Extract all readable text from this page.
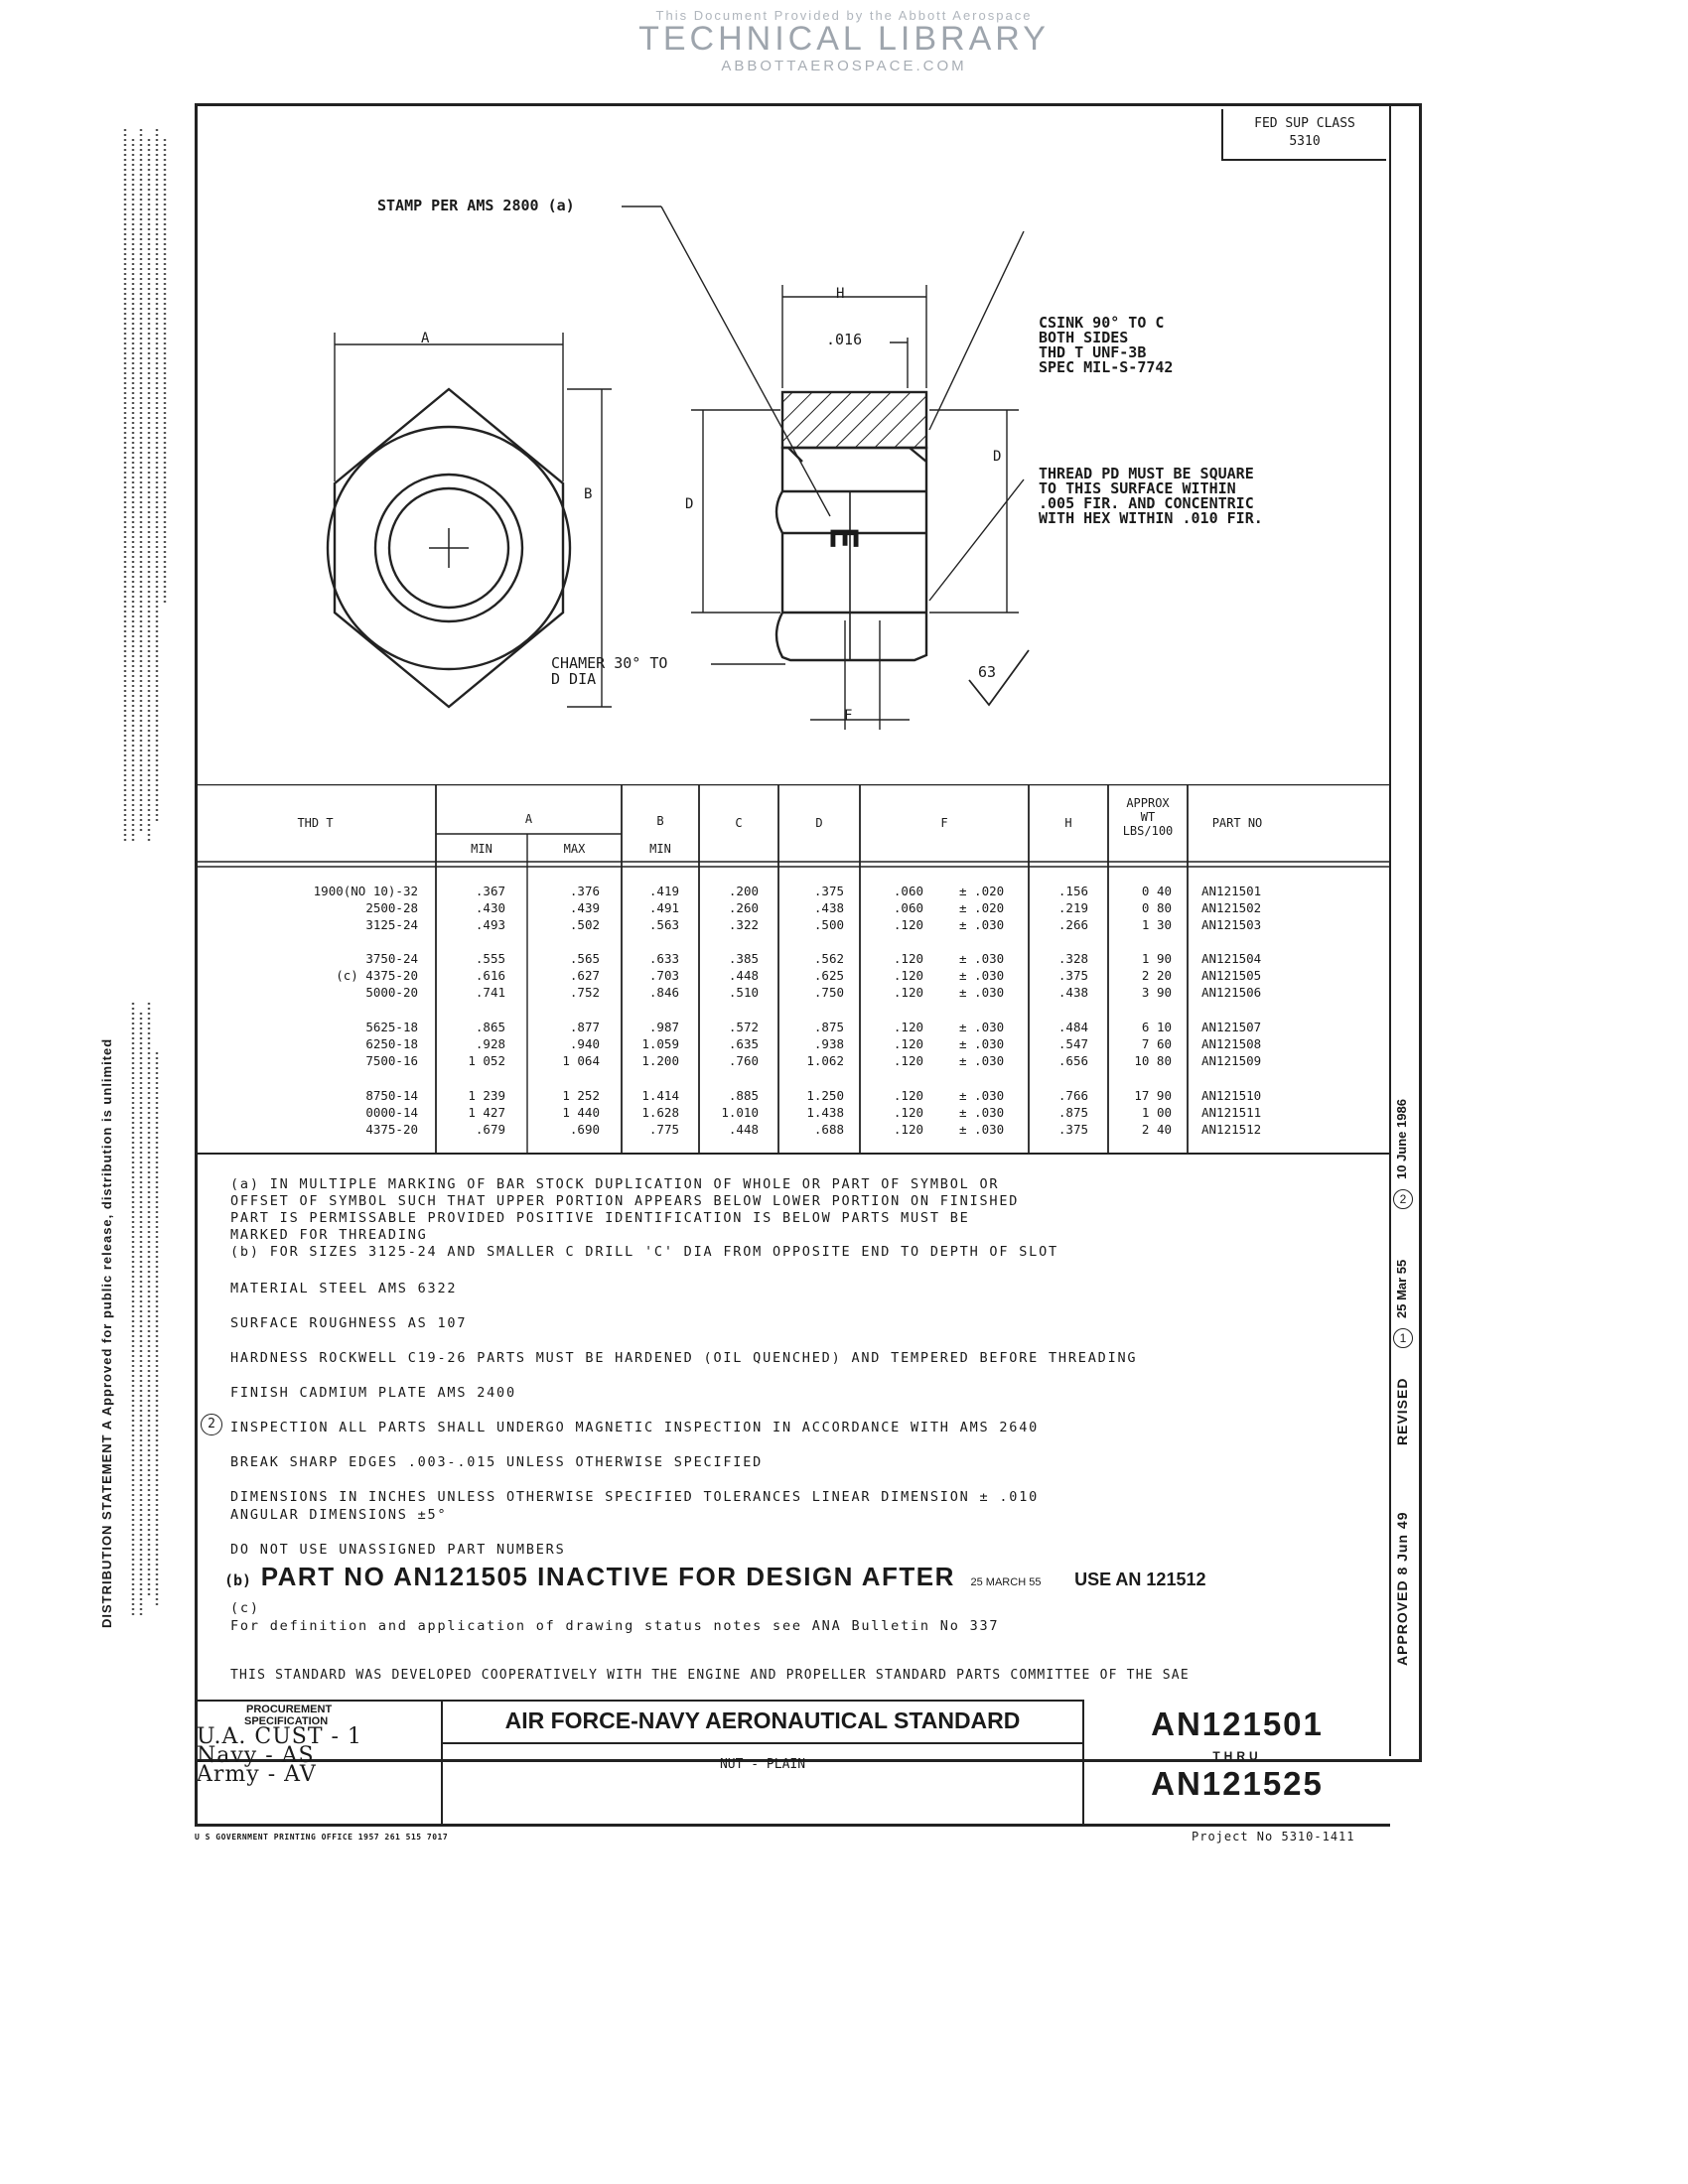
This Document Provided by the Abbott Aerospace
TECHNICAL LIBRARY
ABBOTTAEROSPACE.COM
DISTRIBUTION STATEMENT A Approved for public release, distribution is unlimited
FED SUP CLASS
5310
STAMP PER AMS 2800 (a)
A
B
H
.016
D
D
F
E
63
CSINK 90° TO C
BOTH SIDES
THD T UNF-3B
SPEC MIL-S-7742
THREAD PD MUST BE SQUARE
TO THIS SURFACE WITHIN
.005 FIR. AND CONCENTRIC
WITH HEX WITHIN .010 FIR.
CHAMER 30° TO
D DIA
THD T	A
MIN	MAX
B
MIN
C	D	F	H
APPROX
WT
LBS/100
PART NO
1900(NO 10)-32	.367	.376	.419	.200	.375	.060	± .020	.156	0 40	AN121501
2500-28	.430	.439	.491	.260	.438	.060	± .020	.219	0 80	AN121502
3125-24	.493	.502	.563	.322	.500	.120	± .030	.266	1 30	AN121503
3750-24	.555	.565	.633	.385	.562	.120	± .030	.328	1 90	AN121504
(c) 4375-20	.616	.627	.703	.448	.625	.120	± .030	.375	2 20	AN121505
5000-20	.741	.752	.846	.510	.750	.120	± .030	.438	3 90	AN121506
5625-18	.865	.877	.987	.572	.875	.120	± .030	.484	6 10	AN121507
6250-18	.928	.940	1.059	.635	.938	.120	± .030	.547	7 60	AN121508
7500-16	1 052	1 064	1.200	.760	1.062	.120	± .030	.656	10 80	AN121509
8750-14	1 239	1 252	1.414	.885	1.250	.120	± .030	.766	17 90	AN121510
0000-14	1 427	1 440	1.628	1.010	1.438	.120	± .030	.875	1 00	AN121511
4375-20	.679	.690	.775	.448	.688	.120	± .030	.375	2 40	AN121512
(a) IN MULTIPLE MARKING OF BAR STOCK DUPLICATION OF WHOLE OR PART OF SYMBOL OR
OFFSET OF SYMBOL SUCH THAT UPPER PORTION APPEARS BELOW LOWER PORTION ON FINISHED
PART IS PERMISSABLE PROVIDED POSITIVE IDENTIFICATION IS BELOW PARTS MUST BE
MARKED FOR THREADING
(b) FOR SIZES 3125-24 AND SMALLER C DRILL 'C' DIA FROM OPPOSITE END TO DEPTH OF SLOT
MATERIAL STEEL AMS 6322
SURFACE ROUGHNESS AS 107
HARDNESS ROCKWELL C19-26 PARTS MUST BE HARDENED (OIL QUENCHED) AND TEMPERED BEFORE THREADING
FINISH CADMIUM PLATE AMS 2400
2	INSPECTION ALL PARTS SHALL UNDERGO MAGNETIC INSPECTION IN ACCORDANCE WITH AMS 2640
BREAK SHARP EDGES .003-.015 UNLESS OTHERWISE SPECIFIED
DIMENSIONS IN INCHES UNLESS OTHERWISE SPECIFIED TOLERANCES LINEAR DIMENSION ± .010
ANGULAR DIMENSIONS ±5°
DO NOT USE UNASSIGNED PART NUMBERS
(b) PART NO AN121505 INACTIVE FOR DESIGN AFTER 25 MARCH 55 USE AN 121512
(c)
For definition and application of drawing status notes see ANA Bulletin No 337
THIS STANDARD WAS DEVELOPED COOPERATIVELY WITH THE ENGINE AND PROPELLER STANDARD PARTS COMMITTEE OF THE SAE
APPROVED 8 Jun 49
REVISED
1
25 Mar 55
2
10 June 1986
PROCUREMENT
SPECIFICATION
U.A. CUST - 1
Navy - AS
Army - AV
AIR FORCE-NAVY AERONAUTICAL STANDARD
NUT - PLAIN
AN121501
THRU
AN121525
U S GOVERNMENT PRINTING OFFICE 1957 261 515 7017	Project No 5310-1411
